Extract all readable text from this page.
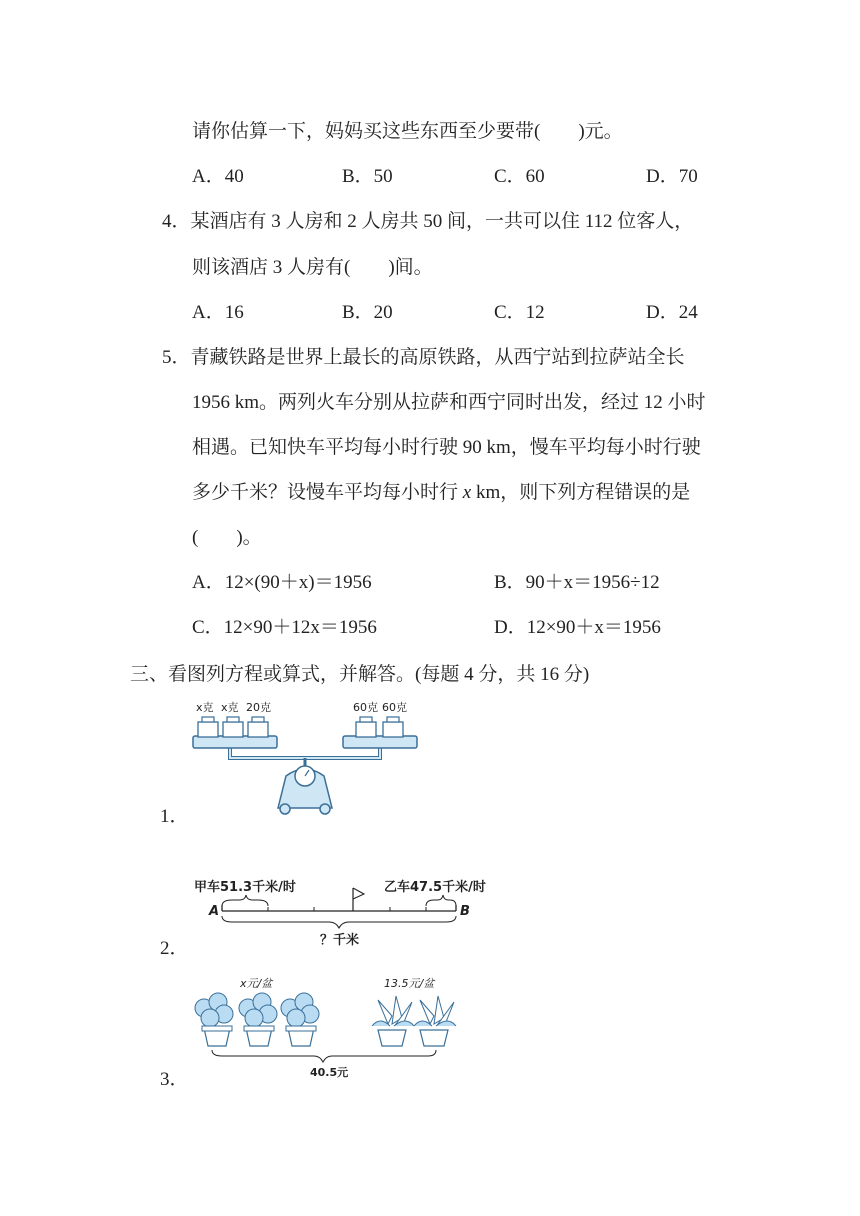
请你估算一下，妈妈买这些东西至少要带(　　)元。
A．40	B．50	C．60	D．70
4．某酒店有 3 人房和 2 人房共 50 间，一共可以住 112 位客人，
则该酒店 3 人房有(　　)间。
A．16	B．20	C．12	D．24
5．青藏铁路是世界上最长的高原铁路，从西宁站到拉萨站全长
1956 km。两列火车分别从拉萨和西宁同时出发，经过 12 小时
相遇。已知快车平均每小时行驶 90 km，慢车平均每小时行驶
多少千米？设慢车平均每小时行 x km，则下列方程错误的是
(　　)。
A．12×(90＋x)＝1956	B．90＋x＝1956÷12
C．12×90＋12x＝1956	D．12×90＋x＝1956
三、看图列方程或算式，并解答。(每题 4 分，共 16 分)
x克 x克 20克	60克 60克
1．
甲车51.3千米/时	乙车47.5千米/时
A	B
？千米
2．
x元/盆	13.5元/盆
40.5元
3．
